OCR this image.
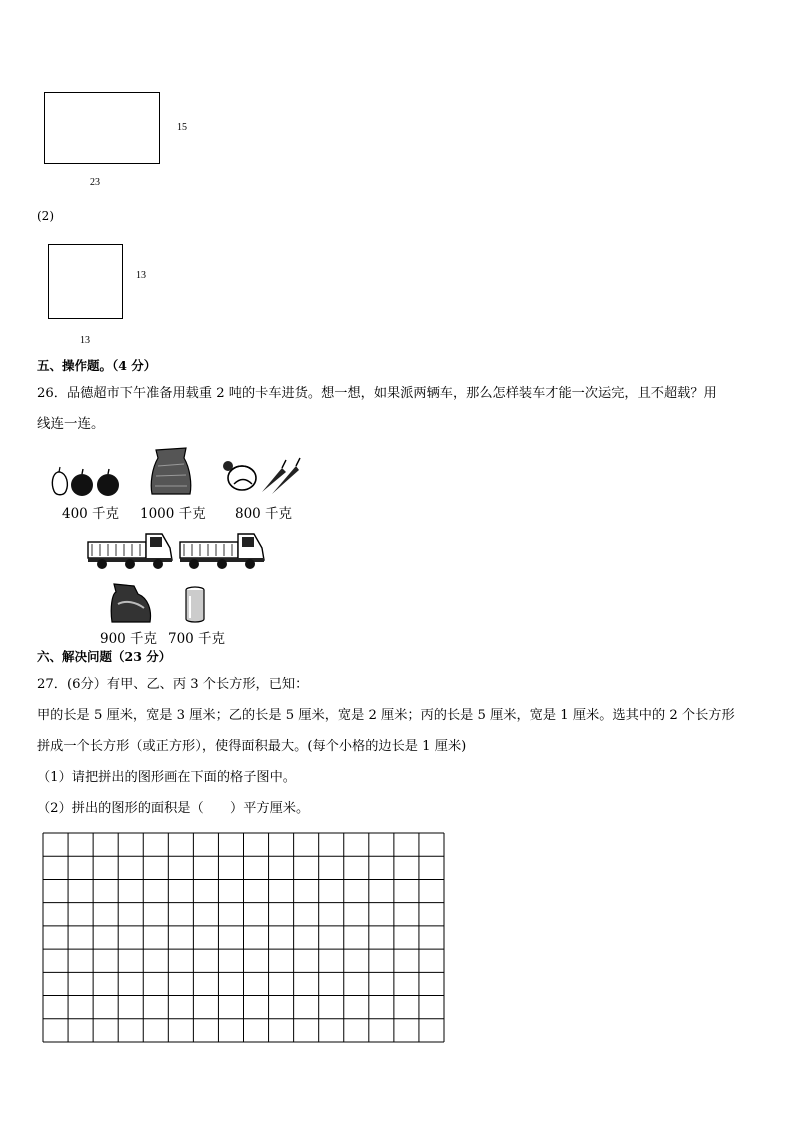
15
23
(2)
13
13
五、操作题。（4 分）
26．品德超市下午准备用载重 2 吨的卡车进货。想一想，如果派两辆车，那么怎样装车才能一次运完，且不超载？用
线连一连。
400 千克 1000 千克 800 千克
900 千克 700 千克
六、解决问题（23 分）
27．(6分）有甲、乙、丙 3 个长方形，已知：
甲的长是 5 厘米，宽是 3 厘米；乙的长是 5 厘米，宽是 2 厘米；丙的长是 5 厘米，宽是 1 厘米。选其中的 2 个长方形
拼成一个长方形（或正方形），使得面积最大。(每个小格的边长是 1 厘米)
（1）请把拼出的图形画在下面的格子图中。
（2）拼出的图形的面积是（　　）平方厘米。
